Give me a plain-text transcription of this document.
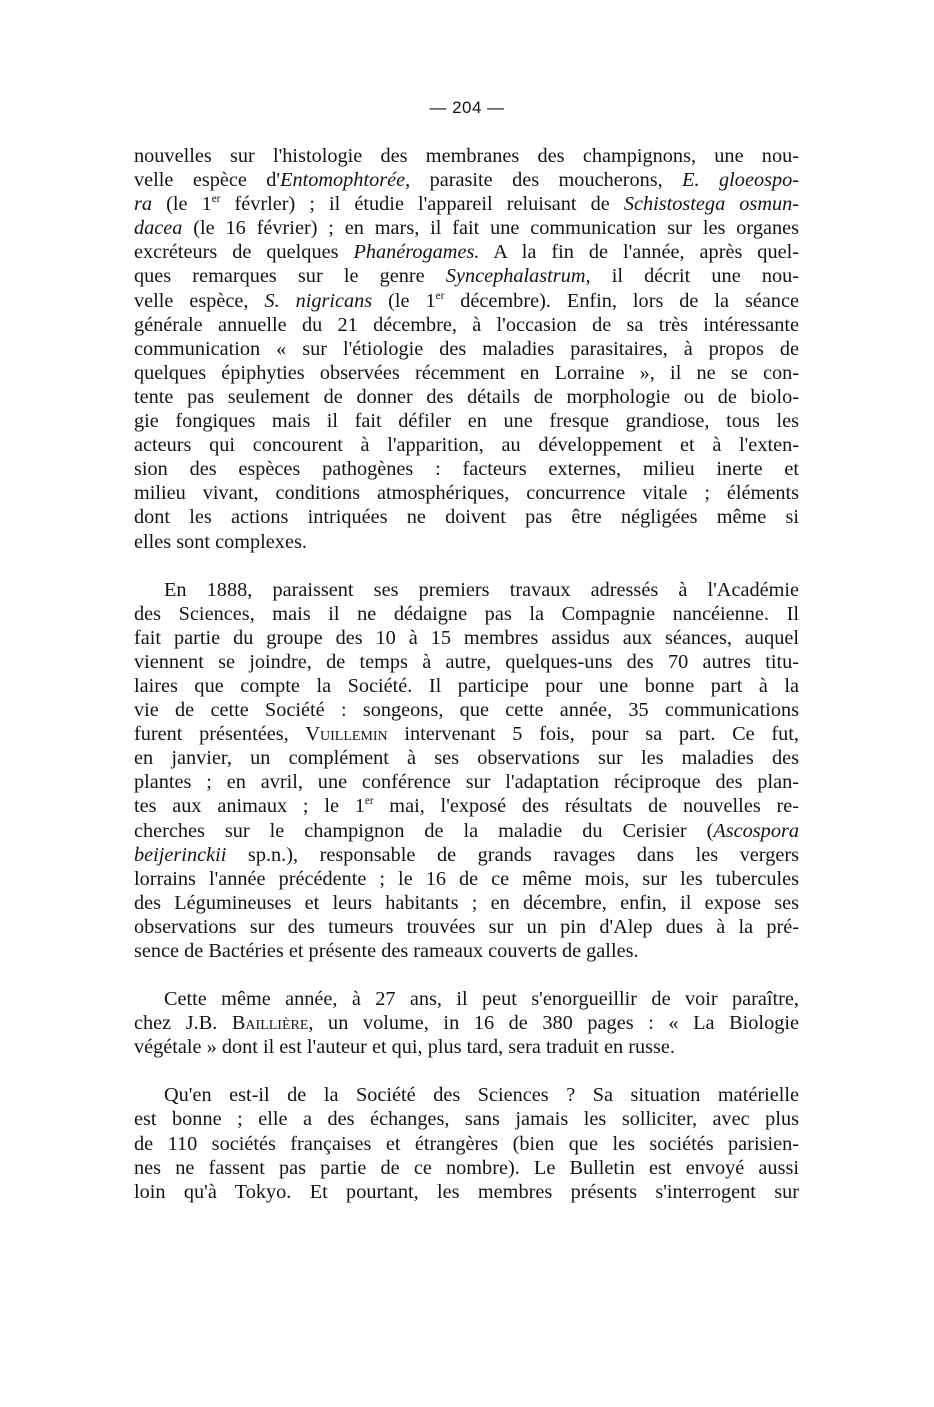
— 204 —

nouvelles sur l'histologie des membranes des champignons, une nou-
velle espèce d'Entomophtorée, parasite des moucherons, E. gloeospo-
ra (le 1er févrler) ; il étudie l'appareil reluisant de Schistostega osmun-
dacea (le 16 février) ; en mars, il fait une communication sur les organes
excréteurs de quelques Phanérogames. A la fin de l'année, après quel-
ques remarques sur le genre Syncephalastrum, il décrit une nou-
velle espèce, S. nigricans (le 1er décembre). Enfin, lors de la séance
générale annuelle du 21 décembre, à l'occasion de sa très intéressante
communication « sur l'étiologie des maladies parasitaires, à propos de
quelques épiphyties observées récemment en Lorraine », il ne se con-
tente pas seulement de donner des détails de morphologie ou de biolo-
gie fongiques mais il fait défiler en une fresque grandiose, tous les
acteurs qui concourent à l'apparition, au développement et à l'exten-
sion des espèces pathogènes : facteurs externes, milieu inerte et
milieu vivant, conditions atmosphériques, concurrence vitale ; éléments
dont les actions intriquées ne doivent pas être négligées même si
elles sont complexes.

En 1888, paraissent ses premiers travaux adressés à l'Académie
des Sciences, mais il ne dédaigne pas la Compagnie nancéienne. Il
fait partie du groupe des 10 à 15 membres assidus aux séances, auquel
viennent se joindre, de temps à autre, quelques-uns des 70 autres titu-
laires que compte la Société. Il participe pour une bonne part à la
vie de cette Société : songeons, que cette année, 35 communications
furent présentées, Vuillemin intervenant 5 fois, pour sa part. Ce fut,
en janvier, un complément à ses observations sur les maladies des
plantes ; en avril, une conférence sur l'adaptation réciproque des plan-
tes aux animaux ; le 1er mai, l'exposé des résultats de nouvelles re-
cherches sur le champignon de la maladie du Cerisier (Ascospora
beijerinckii sp.n.), responsable de grands ravages dans les vergers
lorrains l'année précédente ; le 16 de ce même mois, sur les tubercules
des Légumineuses et leurs habitants ; en décembre, enfin, il expose ses
observations sur des tumeurs trouvées sur un pin d'Alep dues à la pré-
sence de Bactéries et présente des rameaux couverts de galles.

Cette même année, à 27 ans, il peut s'enorgueillir de voir paraître,
chez J.B. Baillière, un volume, in 16 de 380 pages : « La Biologie
végétale » dont il est l'auteur et qui, plus tard, sera traduit en russe.

Qu'en est-il de la Société des Sciences ? Sa situation matérielle
est bonne ; elle a des échanges, sans jamais les solliciter, avec plus
de 110 sociétés françaises et étrangères (bien que les sociétés parisien-
nes ne fassent pas partie de ce nombre). Le Bulletin est envoyé aussi
loin qu'à Tokyo. Et pourtant, les membres présents s'interrogent sur
